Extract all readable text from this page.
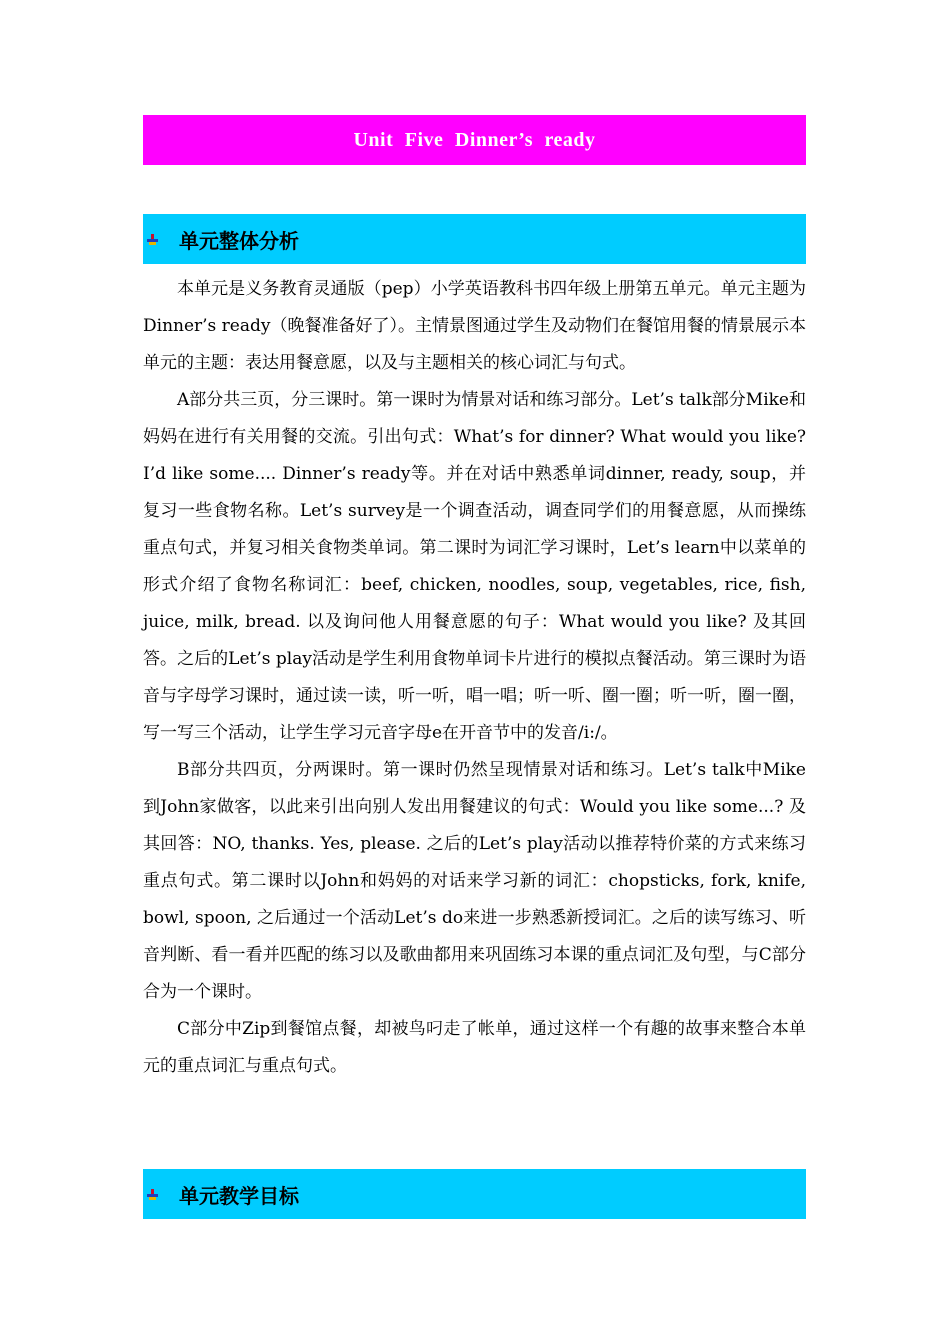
Unit Five Dinner’s ready
单元整体分析

本单元是义务教育灵通版（pep）小学英语教科书四年级上册第五单元。单元主题为Dinner’s ready（晚餐准备好了）。主情景图通过学生及动物们在餐馆用餐的情景展示本单元的主题：表达用餐意愿，以及与主题相关的核心词汇与句式。

A部分共三页，分三课时。第一课时为情景对话和练习部分。Let’s talk部分Mike和妈妈在进行有关用餐的交流。引出句式：What’s for dinner? What would you like? I’d like some.... Dinner’s ready等。并在对话中熟悉单词dinner, ready, soup，并复习一些食物名称。Let’s survey是一个调查活动，调查同学们的用餐意愿，从而操练重点句式，并复习相关食物类单词。第二课时为词汇学习课时，Let’s learn中以菜单的形式介绍了食物名称词汇：beef, chicken, noodles, soup, vegetables, rice, fish, juice, milk, bread. 以及询问他人用餐意愿的句子：What would you like? 及其回答。之后的Let’s play活动是学生利用食物单词卡片进行的模拟点餐活动。第三课时为语音与字母学习课时，通过读一读，听一听，唱一唱；听一听、圈一圈；听一听，圈一圈，写一写三个活动，让学生学习元音字母e在开音节中的发音/i:/。

B部分共四页，分两课时。第一课时仍然呈现情景对话和练习。Let’s talk中Mike到John家做客，以此来引出向别人发出用餐建议的句式：Would you like some...? 及其回答：NO, thanks. Yes, please. 之后的Let’s play活动以推荐特价菜的方式来练习重点句式。第二课时以John和妈妈的对话来学习新的词汇：chopsticks, fork, knife, bowl, spoon, 之后通过一个活动Let’s do来进一步熟悉新授词汇。之后的读写练习、听音判断、看一看并匹配的练习以及歌曲都用来巩固练习本课的重点词汇及句型，与C部分合为一个课时。

C部分中Zip到餐馆点餐，却被鸟叼走了帐单，通过这样一个有趣的故事来整合本单元的重点词汇与重点句式。

单元教学目标
